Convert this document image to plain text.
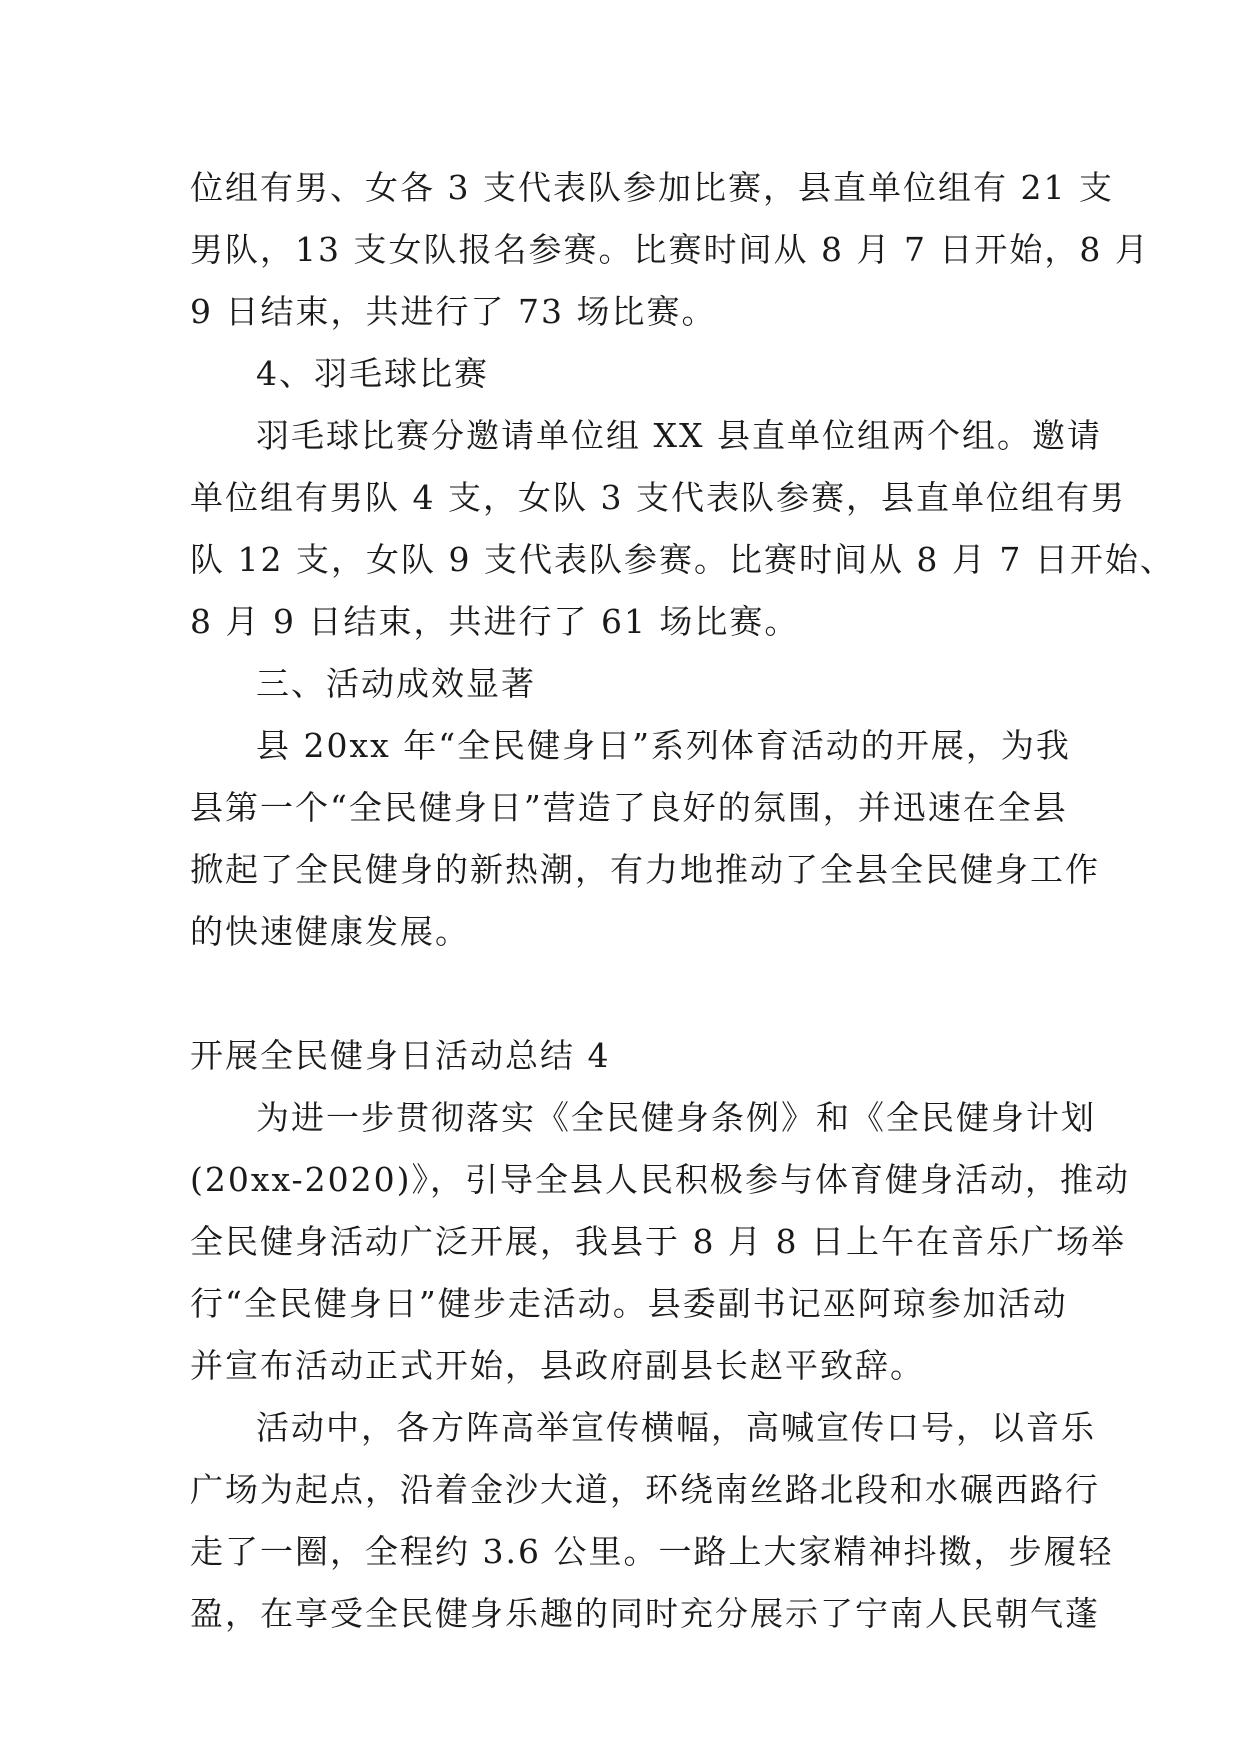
位组有男、女各 3 支代表队参加比赛，县直单位组有 21 支
男队，13 支女队报名参赛。比赛时间从 8 月 7 日开始，8 月
9 日结束，共进行了 73 场比赛。
4、羽毛球比赛
羽毛球比赛分邀请单位组 XX 县直单位组两个组。邀请
单位组有男队 4 支，女队 3 支代表队参赛，县直单位组有男
队 12 支，女队 9 支代表队参赛。比赛时间从 8 月 7 日开始、
8 月 9 日结束，共进行了 61 场比赛。
三、活动成效显著
县 20xx 年“全民健身日”系列体育活动的开展，为我
县第一个“全民健身日”营造了良好的氛围，并迅速在全县
掀起了全民健身的新热潮，有力地推动了全县全民健身工作
的快速健康发展。
开展全民健身日活动总结 4
为进一步贯彻落实《全民健身条例》和《全民健身计划
(20xx-2020)》，引导全县人民积极参与体育健身活动，推动
全民健身活动广泛开展，我县于 8 月 8 日上午在音乐广场举
行“全民健身日”健步走活动。县委副书记巫阿琼参加活动
并宣布活动正式开始，县政府副县长赵平致辞。
活动中，各方阵高举宣传横幅，高喊宣传口号，以音乐
广场为起点，沿着金沙大道，环绕南丝路北段和水碾西路行
走了一圈，全程约 3.6 公里。一路上大家精神抖擞，步履轻
盈，在享受全民健身乐趣的同时充分展示了宁南人民朝气蓬
